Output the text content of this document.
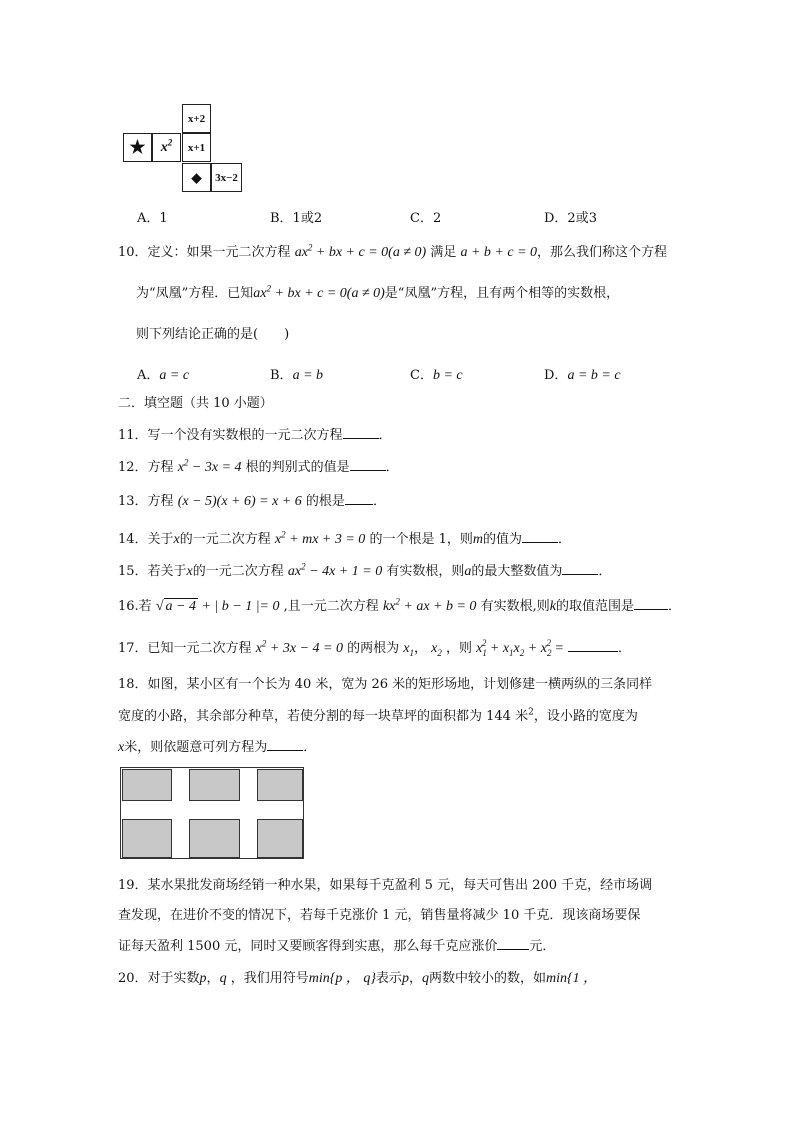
x+2
★ $x^2$ x+1
◆ 3x−2
A．1	B．1或2	C．2	D．2或3
10．定义：如果一元二次方程 $ax^2$ + bx + c = 0(a ≠ 0) 满足 a + b + c = 0，那么我们称这个方程
为“凤凰”方程．已知$ax^2$ + bx + c = 0(a ≠ 0)是“凤凰”方程，且有两个相等的实数根，
则下列结论正确的是(　　)
A．a = c	B．a = b	C．b = c	D．a = b = c
二．填空题（共 10 小题）
11．写一个没有实数根的一元二次方程	．
12．方程 $x^2 - 3x = 4$ 根的判别式的值是	．
13．方程 (x − 5)(x + 6) = x + 6 的根是 ．
14．关于x的一元二次方程 $x^2$ + mx + 3 = 0 的一个根是 1，则m的值为	．
15．若关于x的一元二次方程 $ax^2 - 4x + 1 = 0$ 有实数根，则a的最大整数值为	．
16.若 √ a − 4 + | b − 1 |= 0 ,且一元二次方程 $kx^2$ + ax + b = 0 有实数根,则k的取值范围是	．
17．已知一元二次方程 $x^2 + 3x - 4 = 0$ 的两根为 $x_1$， $x_2$ ，则 $x_1^2 + x_1x_2 + x_2^2$ =	．
18．如图，某小区有一个长为 40 米，宽为 26 米的矩形场地，计划修建一横两纵的三条同样
宽度的小路，其余部分种草，若使分割的每一块草坪的面积都为 144 米$^2$，设小路的宽度为
x米，则依题意可列方程为	．
19．某水果批发商场经销一种水果，如果每千克盈利 5 元，每天可售出 200 千克，经市场调
查发现，在进价不变的情况下，若每千克涨价 1 元，销售量将减少 10 千克．现该商场要保
证每天盈利 1500 元，同时又要顾客得到实惠，那么每千克应涨价 元．
20．对于实数p，q ，我们用符号min{p ， q}表示p，q两数中较小的数，如min{1 ，
